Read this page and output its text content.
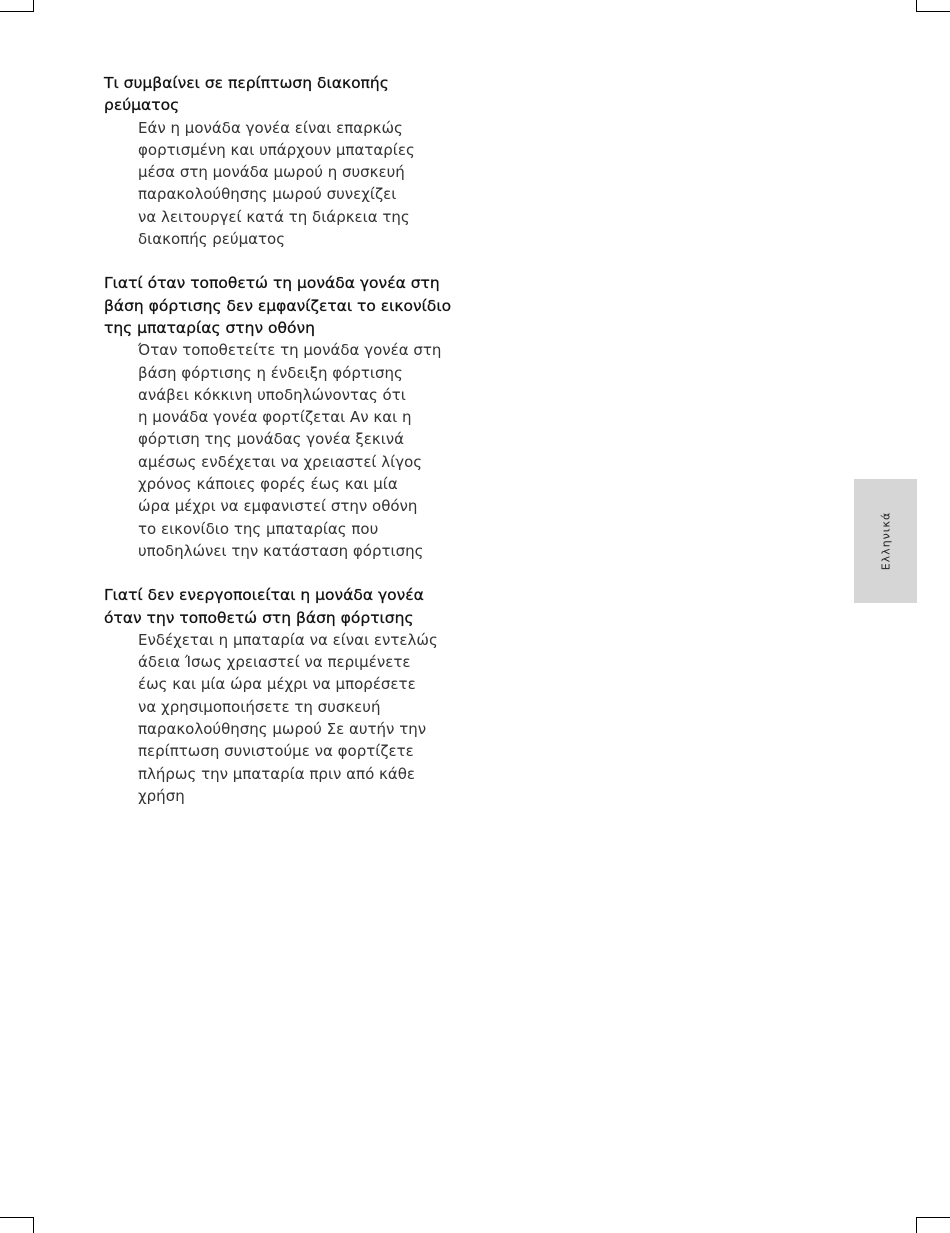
Τι συμβαίνει σε περίπτωση διακοπής
ρεύματος

Εάν η μονάδα γονέα είναι επαρκώς
φορτισμένη και υπάρχουν μπαταρίες
μέσα στη μονάδα μωρού η συσκευή
παρακολούθησης μωρού συνεχίζει
να λειτουργεί κατά τη διάρκεια της
διακοπής ρεύματος

Γιατί όταν τοποθετώ τη μονάδα γονέα στη
βάση φόρτισης δεν εμφανίζεται το εικονίδιο
της μπαταρίας στην οθόνη

Όταν τοποθετείτε τη μονάδα γονέα στη
βάση φόρτισης η ένδειξη φόρτισης
ανάβει κόκκινη υποδηλώνοντας ότι
η μονάδα γονέα φορτίζεται Αν και η
φόρτιση της μονάδας γονέα ξεκινά
αμέσως ενδέχεται να χρειαστεί λίγος
χρόνος κάποιες φορές έως και μία
ώρα μέχρι να εμφανιστεί στην οθόνη
το εικονίδιο της μπαταρίας που
υποδηλώνει την κατάσταση φόρτισης

Γιατί δεν ενεργοποιείται η μονάδα γονέα
όταν την τοποθετώ στη βάση φόρτισης

Ενδέχεται η μπαταρία να είναι εντελώς
άδεια Ίσως χρειαστεί να περιμένετε
έως και μία ώρα μέχρι να μπορέσετε
να χρησιμοποιήσετε τη συσκευή
παρακολούθησης μωρού Σε αυτήν την
περίπτωση συνιστούμε να φορτίζετε
πλήρως την μπαταρία πριν από κάθε
χρήση

Ελληνικά
